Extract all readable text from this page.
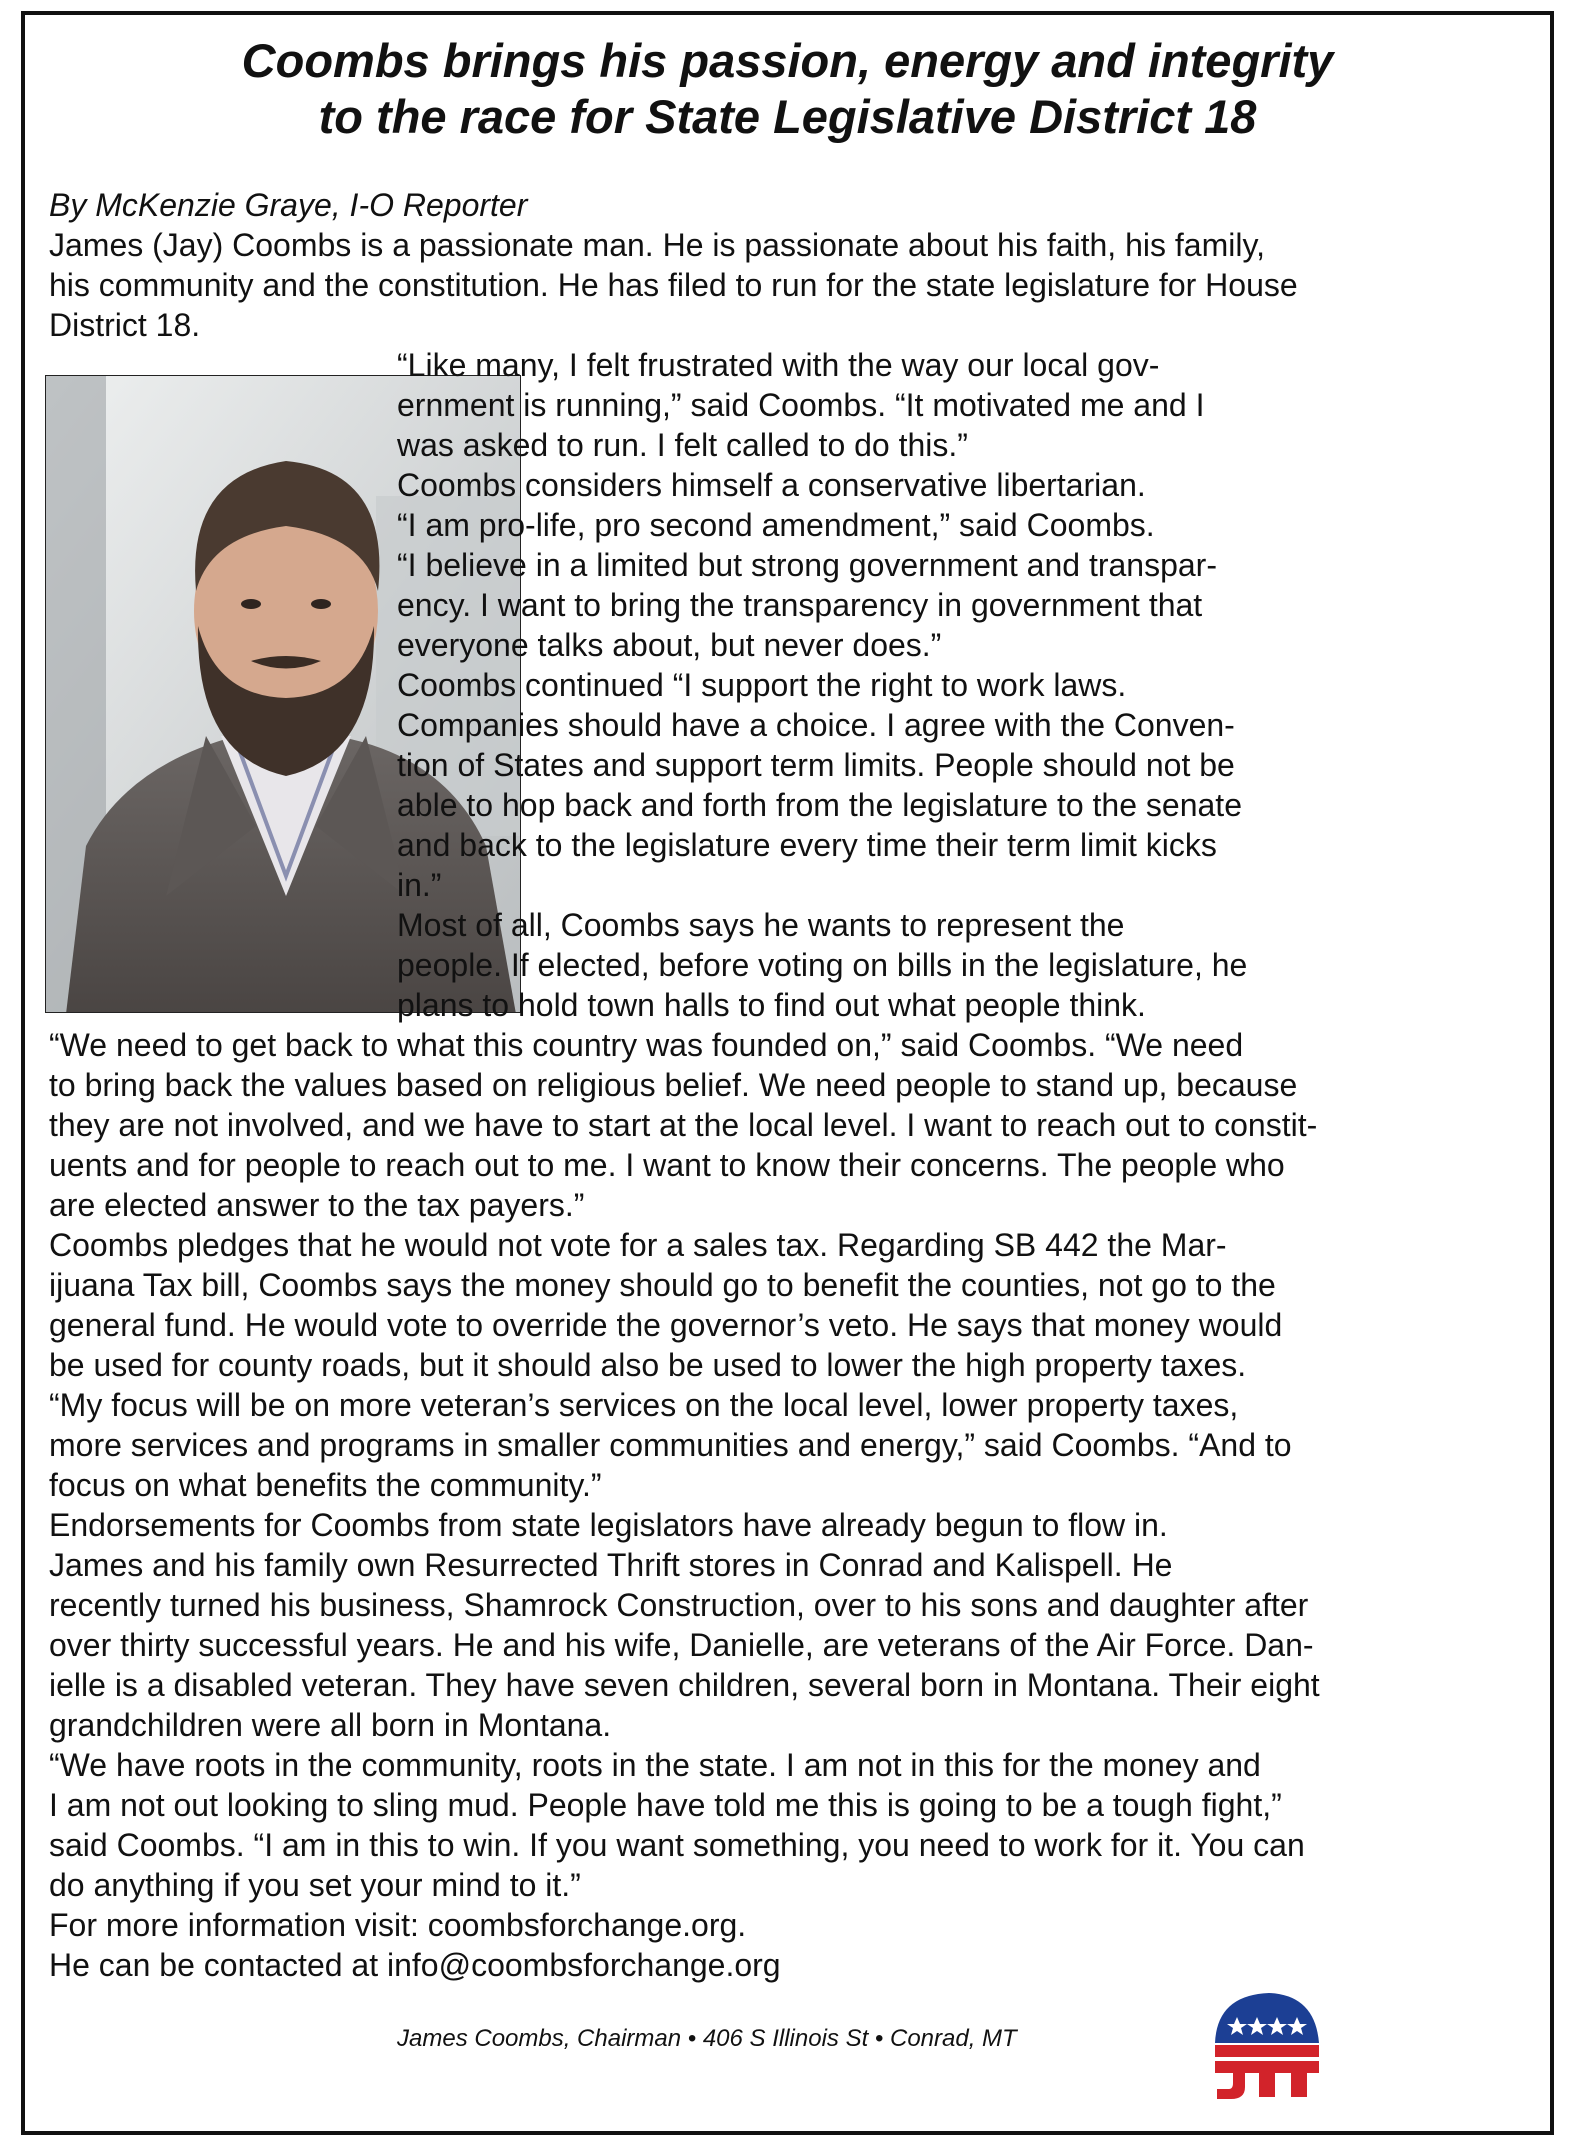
Coombs brings his passion, energy and integrity
to the race for State Legislative District 18
By McKenzie Graye, I-O Reporter
James (Jay) Coombs is a passionate man. He is passionate about his faith, his family,
his community and the constitution. He has filed to run for the state legislature for House
District 18.
“Like many, I felt frustrated with the way our local gov-
ernment is running,” said Coombs. “It motivated me and I
was asked to run. I felt called to do this.”
Coombs considers himself a conservative libertarian.
“I am pro-life, pro second amendment,” said Coombs.
“I believe in a limited but strong government and transpar-
ency. I want to bring the transparency in government that
everyone talks about, but never does.”
Coombs continued “I support the right to work laws.
Companies should have a choice. I agree with the Conven-
tion of States and support term limits. People should not be
able to hop back and forth from the legislature to the senate
and back to the legislature every time their term limit kicks
in.”
Most of all, Coombs says he wants to represent the
people. If elected, before voting on bills in the legislature, he
plans to hold town halls to find out what people think.
“We need to get back to what this country was founded on,” said Coombs. “We need
to bring back the values based on religious belief. We need people to stand up, because
they are not involved, and we have to start at the local level. I want to reach out to constit-
uents and for people to reach out to me. I want to know their concerns. The people who
are elected answer to the tax payers.”
Coombs pledges that he would not vote for a sales tax. Regarding SB 442 the Mar-
ijuana Tax bill, Coombs says the money should go to benefit the counties, not go to the
general fund. He would vote to override the governor’s veto. He says that money would
be used for county roads, but it should also be used to lower the high property taxes.
“My focus will be on more veteran’s services on the local level, lower property taxes,
more services and programs in smaller communities and energy,” said Coombs. “And to
focus on what benefits the community.”
Endorsements for Coombs from state legislators have already begun to flow in.
James and his family own Resurrected Thrift stores in Conrad and Kalispell. He
recently turned his business, Shamrock Construction, over to his sons and daughter after
over thirty successful years. He and his wife, Danielle, are veterans of the Air Force. Dan-
ielle is a disabled veteran. They have seven children, several born in Montana. Their eight
grandchildren were all born in Montana.
“We have roots in the community, roots in the state. I am not in this for the money and
I am not out looking to sling mud. People have told me this is going to be a tough fight,”
said Coombs. “I am in this to win. If you want something, you need to work for it. You can
do anything if you set your mind to it.”
For more information visit: coombsforchange.org.
He can be contacted at info@coombsforchange.org
James Coombs, Chairman • 406 S Illinois St • Conrad, MT
